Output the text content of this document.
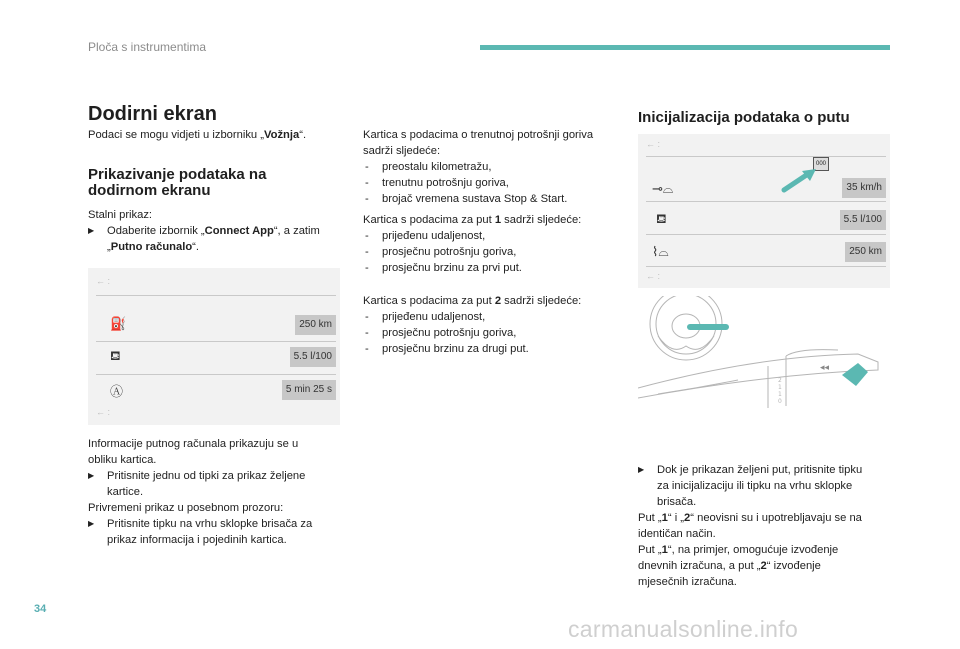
Ploča s instrumentima
Dodirni ekran

Podaci se mogu vidjeti u izborniku „Vožnja“.

Prikazivanje podataka na
dodirnom ekranu

Stalni prikaz:

▶ Odaberite izbornik „Connect App“, a zatim

„Putno računalo“.

← :
⛽	250 km
⛾	5.5 l/100
Ⓐ	5 min 25 s
← :

Informacije putnog računala prikazuju se u

obliku kartica.

▶ Pritisnite jednu od tipki za prikaz željene

kartice.

Privremeni prikaz u posebnom prozoru:

▶ Pritisnite tipku na vrhu sklopke brisača za

prikaz informacija i pojedinih kartica.

Kartica s podacima o trenutnoj potrošnji goriva sadrži sljedeće:

- preostalu kilometražu,

- trenutnu potrošnju goriva,

- brojač vremena sustava Stop & Start.

Kartica s podacima za put 1 sadrži sljedeće:

- prijeđenu udaljenost,

- prosječnu potrošnju goriva,

- prosječnu brzinu za prvi put.

Kartica s podacima za put 2 sadrži sljedeće:

- prijeđenu udaljenost,

- prosječnu potrošnju goriva,

- prosječnu brzinu za drugi put.

Inicijalizacija podataka o putu
← :
000
⊸⌓	35 km/h
⛾	5.5 l/100
⌇⌓	250 km
← :
2
1
1
0
◂◂

▶ Dok je prikazan željeni put, pritisnite tipku

za inicijalizaciju ili tipku na vrhu sklopke

brisača.

Put „1“ i „2“ neovisni su i upotrebljavaju se na

identičan način.

Put „1“, na primjer, omogućuje izvođenje

dnevnih izračuna, a put „2“ izvođenje

mjesečnih izračuna.

34
carmanualsonline.info
